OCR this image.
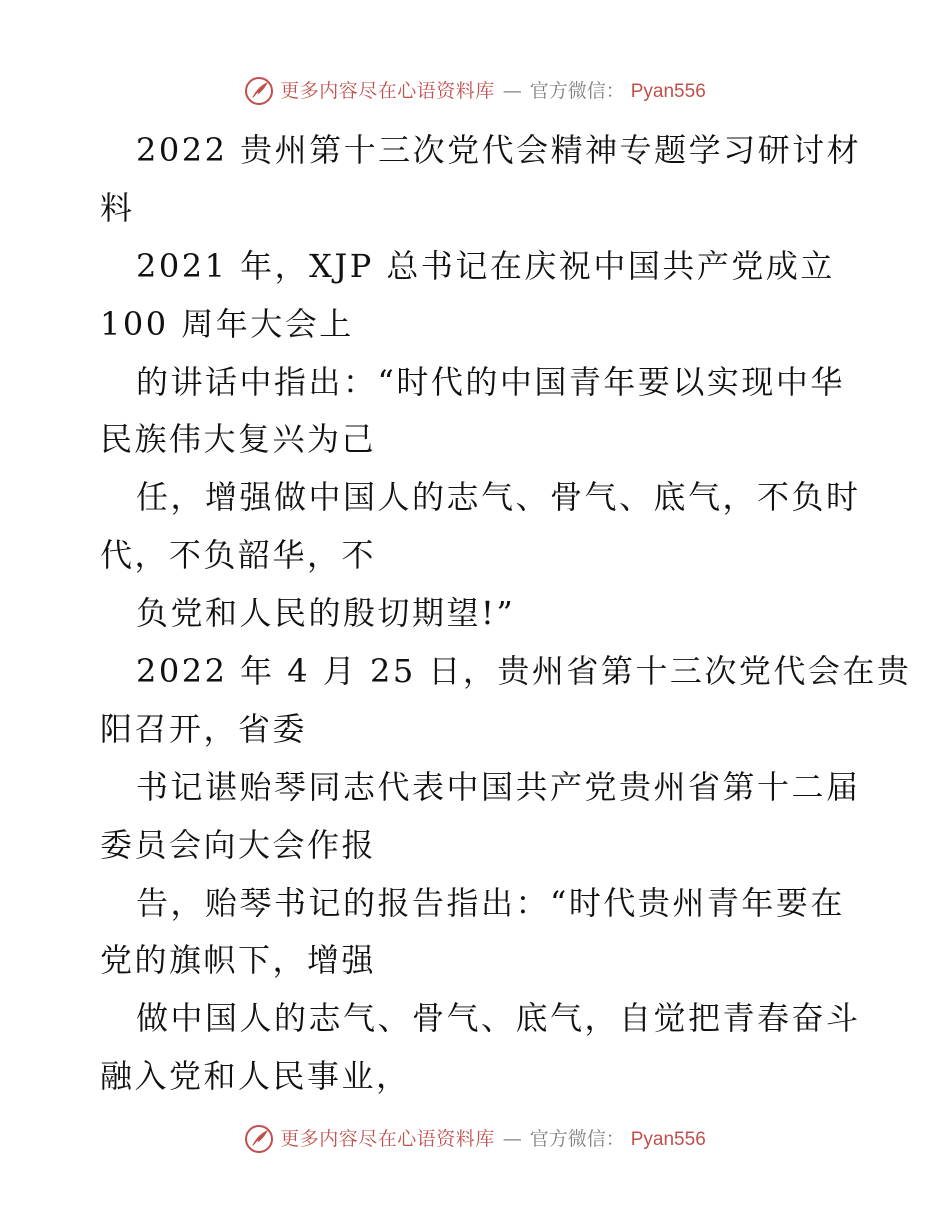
更多内容尽在心语资料库 — 官方微信： Pyan556
2022 贵州第十三次党代会精神专题学习研讨材
料
2021 年，XJP 总书记在庆祝中国共产党成立
100 周年大会上
的讲话中指出：“时代的中国青年要以实现中华
民族伟大复兴为己
任，增强做中国人的志气、骨气、底气，不负时
代，不负韶华，不
负党和人民的殷切期望!”
2022 年 4 月 25 日，贵州省第十三次党代会在贵
阳召开，省委
书记谌贻琴同志代表中国共产党贵州省第十二届
委员会向大会作报
告，贻琴书记的报告指出：“时代贵州青年要在
党的旗帜下，增强
做中国人的志气、骨气、底气，自觉把青春奋斗
融入党和人民事业，
更多内容尽在心语资料库 — 官方微信： Pyan556
